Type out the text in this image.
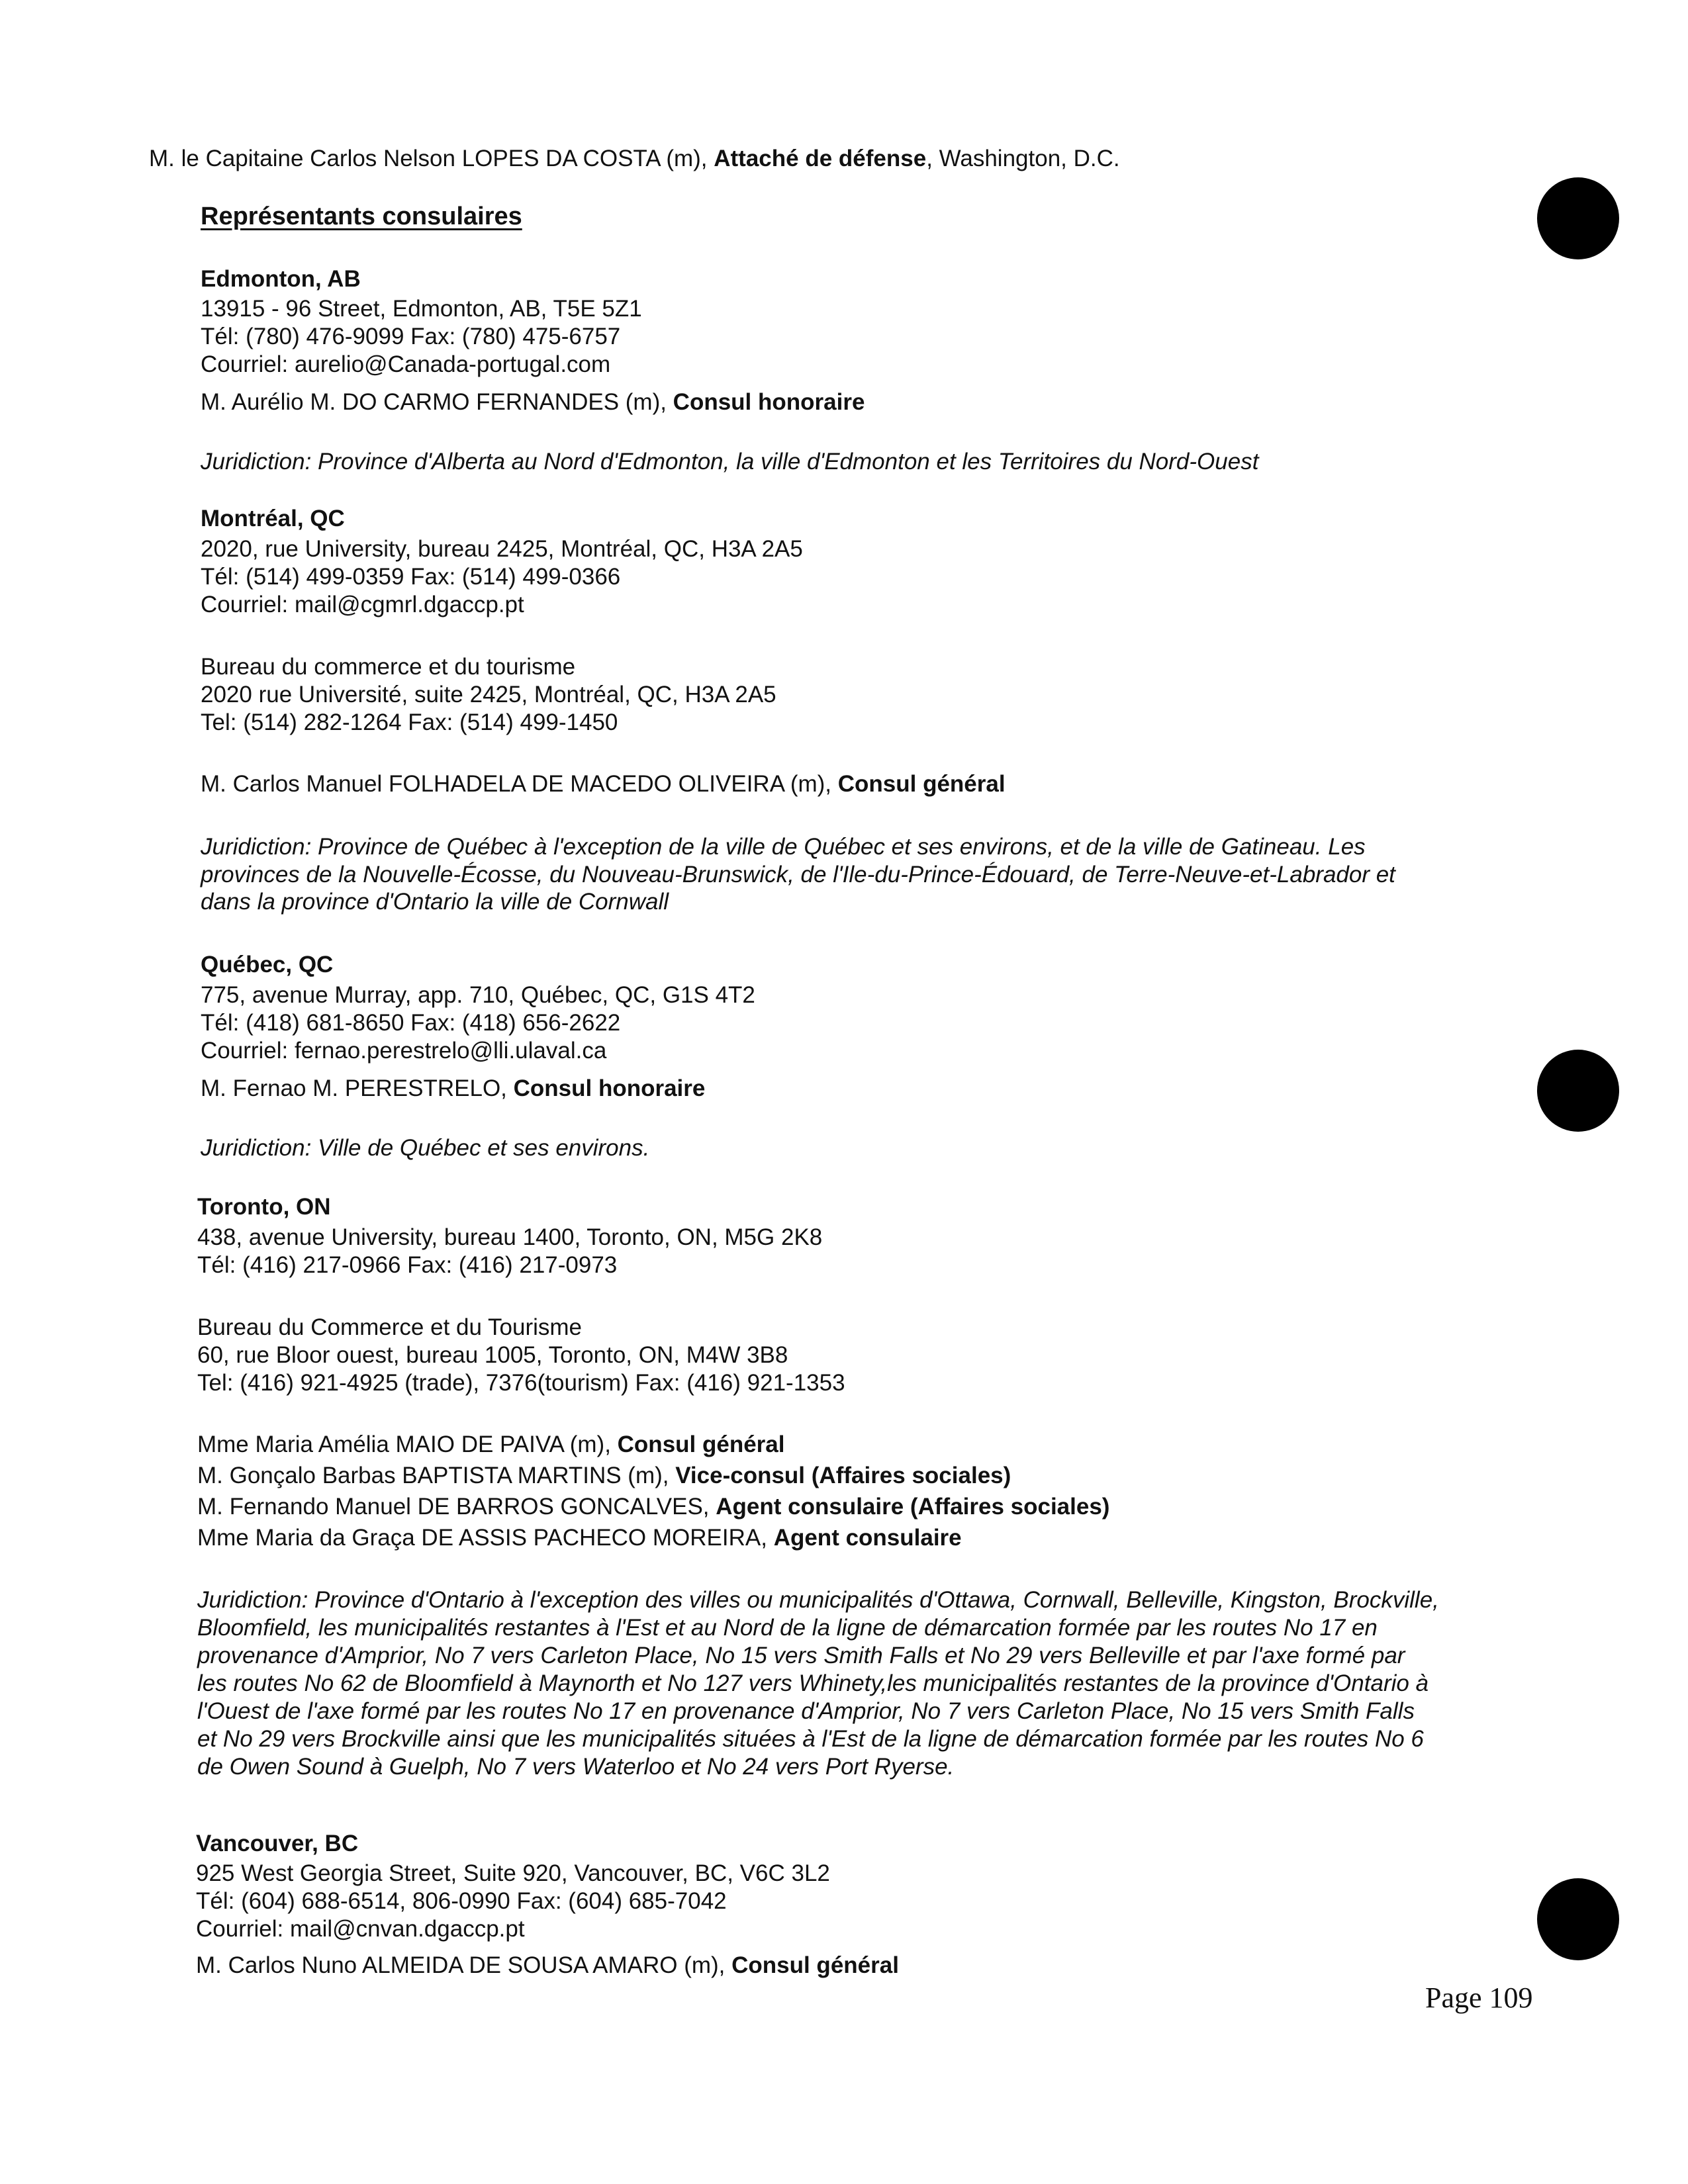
M. le Capitaine Carlos Nelson LOPES DA COSTA (m), Attaché de défense, Washington, D.C.
Représentants consulaires
Edmonton, AB
13915 - 96 Street, Edmonton, AB, T5E 5Z1
Tél: (780) 476-9099 Fax: (780) 475-6757
Courriel: aurelio@Canada-portugal.com
M. Aurélio M. DO CARMO FERNANDES (m), Consul honoraire
Juridiction: Province d'Alberta au Nord d'Edmonton, la ville d'Edmonton et les Territoires du Nord-Ouest
Montréal, QC
2020, rue University, bureau 2425, Montréal, QC, H3A 2A5
Tél: (514) 499-0359 Fax: (514) 499-0366
Courriel: mail@cgmrl.dgaccp.pt
Bureau du commerce et du tourisme
2020 rue Université, suite 2425, Montréal, QC, H3A 2A5
Tel: (514) 282-1264 Fax: (514) 499-1450
M. Carlos Manuel FOLHADELA DE MACEDO OLIVEIRA (m), Consul général
Juridiction: Province de Québec à l'exception de la ville de Québec et ses environs, et de la ville de Gatineau. Les
provinces de la Nouvelle-Écosse, du Nouveau-Brunswick, de l'Ile-du-Prince-Édouard, de Terre-Neuve-et-Labrador et
dans la province d'Ontario la ville de Cornwall
Québec, QC
775, avenue Murray, app. 710, Québec, QC, G1S 4T2
Tél: (418) 681-8650 Fax: (418) 656-2622
Courriel: fernao.perestrelo@lli.ulaval.ca
M. Fernao M. PERESTRELO, Consul honoraire
Juridiction: Ville de Québec et ses environs.
Toronto, ON
438, avenue University, bureau 1400, Toronto, ON, M5G 2K8
Tél: (416) 217-0966 Fax: (416) 217-0973
Bureau du Commerce et du Tourisme
60, rue Bloor ouest, bureau 1005, Toronto, ON, M4W 3B8
Tel: (416) 921-4925 (trade), 7376(tourism) Fax: (416) 921-1353
Mme Maria Amélia MAIO DE PAIVA (m), Consul général
M. Gonçalo Barbas BAPTISTA MARTINS (m), Vice-consul (Affaires sociales)
M. Fernando Manuel DE BARROS GONCALVES, Agent consulaire (Affaires sociales)
Mme Maria da Graça DE ASSIS PACHECO MOREIRA, Agent consulaire
Juridiction: Province d'Ontario à l'exception des villes ou municipalités d'Ottawa, Cornwall, Belleville, Kingston, Brockville,
Bloomfield, les municipalités restantes à l'Est et au Nord de la ligne de démarcation formée par les routes No 17 en
provenance d'Amprior, No 7 vers Carleton Place, No 15 vers Smith Falls et No 29 vers Belleville et par l'axe formé par
les routes No 62 de Bloomfield à Maynorth et No 127 vers Whinety,les municipalités restantes de la province d'Ontario à
l'Ouest de l'axe formé par les routes No 17 en provenance d'Amprior, No 7 vers Carleton Place, No 15 vers Smith Falls
et No 29 vers Brockville ainsi que les municipalités situées à l'Est de la ligne de démarcation formée par les routes No 6
de Owen Sound à Guelph, No 7 vers Waterloo et No 24 vers Port Ryerse.
Vancouver, BC
925 West Georgia Street, Suite 920, Vancouver, BC, V6C 3L2
Tél: (604) 688-6514, 806-0990 Fax: (604) 685-7042
Courriel: mail@cnvan.dgaccp.pt
M. Carlos Nuno ALMEIDA DE SOUSA AMARO (m), Consul général
Page 109
